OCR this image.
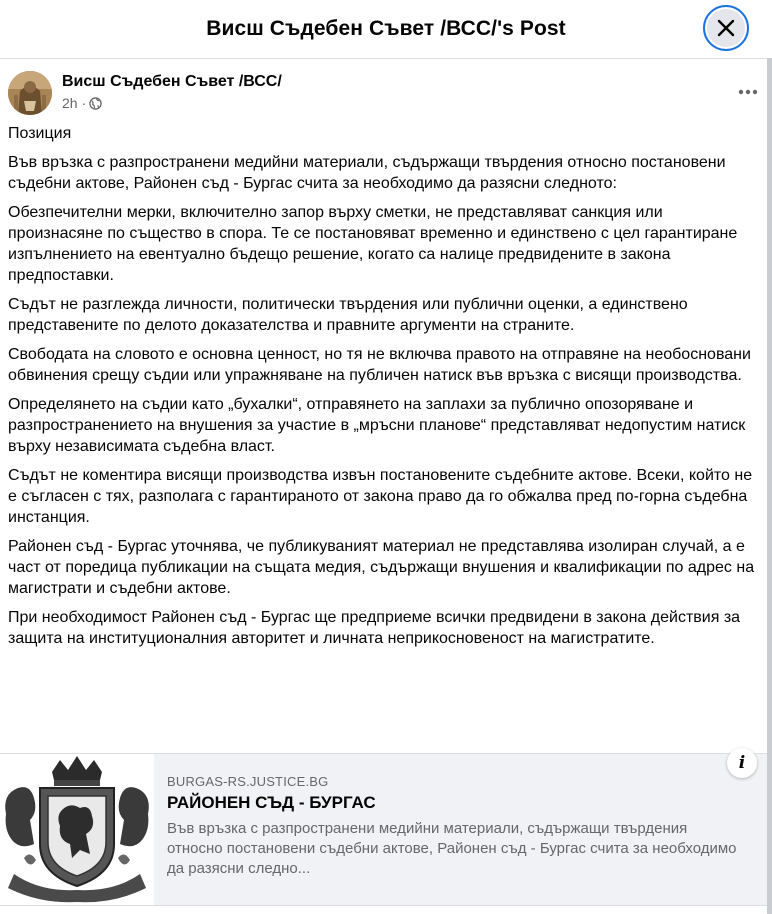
Висш Съдебен Съвет /ВСС/'s Post
Висш Съдебен Съвет /ВСС/
2h ·

Позиция

Във връзка с разпространени медийни материали, съдържащи твърдения относно постановени съдебни актове, Районен съд - Бургас счита за необходимо да разясни следното:

Обезпечителни мерки, включително запор върху сметки, не представляват санкция или произнасяне по същество в спора. Те се постановяват временно и единствено с цел гарантиране изпълнението на евентуално бъдещо решение, когато са налице предвидените в закона предпоставки.

Съдът не разглежда личности, политически твърдения или публични оценки, а единствено представените по делото доказателства и правните аргументи на страните.

Свободата на словото е основна ценност, но тя не включва правото на отправяне на необосновани обвинения срещу съдии или упражняване на публичен натиск във връзка с висящи производства.

Определянето на съдии като „бухалки“, отправянето на заплахи за публично опозоряване и разпространението на внушения за участие в „мръсни планове“ представляват недопустим натиск върху независимата съдебна власт.

Съдът не коментира висящи производства извън постановените съдебните актове. Всеки, който не е съгласен с тях, разполага с гарантираното от закона право да го обжалва пред по-горна съдебна инстанция.

Районен съд - Бургас уточнява, че публикуваният материал не представлява изолиран случай, а е част от поредица публикации на същата медия, съдържащи внушения и квалификации по адрес на магистрати и съдебни актове.

При необходимост Районен съд - Бургас ще предприеме всички предвидени в закона действия за защита на институционалния авторитет и личната неприкосновеност на магистратите.

BURGAS-RS.JUSTICE.BG
РАЙОНЕН СЪД - БУРГАС
Във връзка с разпространени медийни материали, съдържащи твърдения относно постановени съдебни актове, Районен съд - Бургас счита за необходимо да разясни следно...
i
